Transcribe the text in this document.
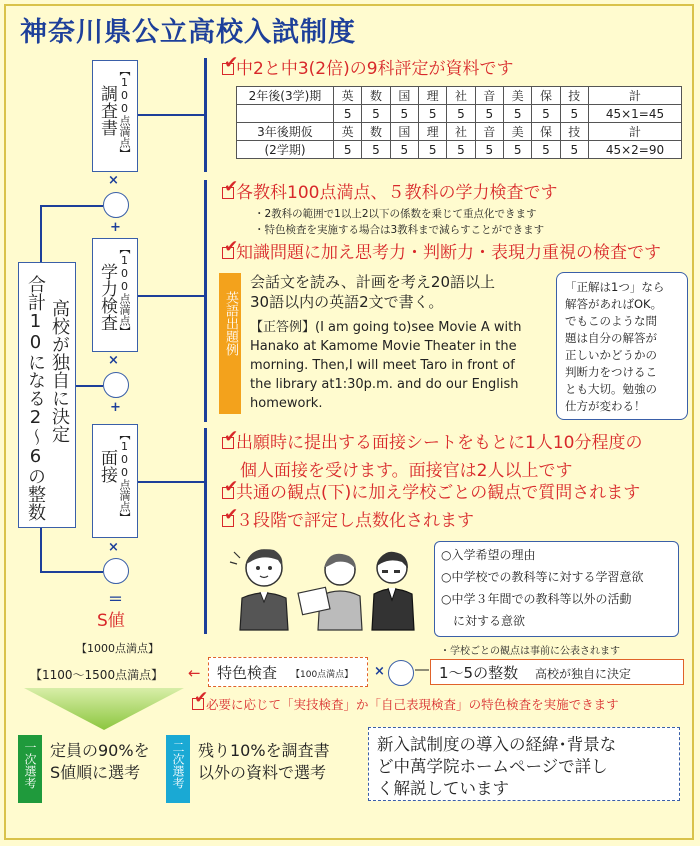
神奈川県公立高校入試制度
【100点満点】
調査書
×
+
【100点満点】
学力検査
×
+
【100点満点】
面接
×
＝
S値
【1000点満点】
高校が独自に決定
合計10になる2～6の整数
✔
中2と中3(2倍)の9科評定が資料です
2年後(3学)期	英	数	国	理	社	音	美	保	技	計
	5	5	5	5	5	5	5	5	5	45×1=45
3年後期仮	英	数	国	理	社	音	美	保	技	計
(2学期)	5	5	5	5	5	5	5	5	5	45×2=90
✔
各教科100点満点、５教科の学力検査です
・2教科の範囲で1以上2以下の係数を乗じて重点化できます
・特色検査を実施する場合は3教科まで減らすことができます
✔
知識問題に加え思考力・判断力・表現力重視の検査です
英語出題例
会話文を読み、計画を考え20語以上
30語以内の英語2文で書く。
【正答例】(I am going to)see Movie A with
Hanako at Kamome Movie Theater in the
morning. Then,I will meet Taro in front of
the library at1:30p.m. and do our English
homework.
「正解は1つ」なら
解答があればOK。
でもこのような問
題は自分の解答が
正しいかどうかの
判断力をつけるこ
とも大切。勉強の
仕方が変わる！
✔
出願時に提出する面接シートをもとに1人10分程度の
個人面接を受けます。面接官は2人以上です
✔
共通の観点(下)に加え学校ごとの観点で質問されます
✔
３段階で評定し点数化されます
○入学希望の理由
○中学校での教科等に対する学習意欲
○中学３年間での教科等以外の活動
に対する意欲
・学校ごとの観点は事前に公表されます
【1100～1500点満点】 ← 特色検査 【100点満点】 × ― 1～5の整数 高校が独自に決定
✔
必要に応じて「実技検査」か「自己表現検査」の特色検査を実施できます
一次選考 定員の90%を
S値順に選考	二次選考 残り10%を調査書
以外の資料で選考
新入試制度の導入の経緯･背景な
ど中萬学院ホームページで詳し
く解説しています
